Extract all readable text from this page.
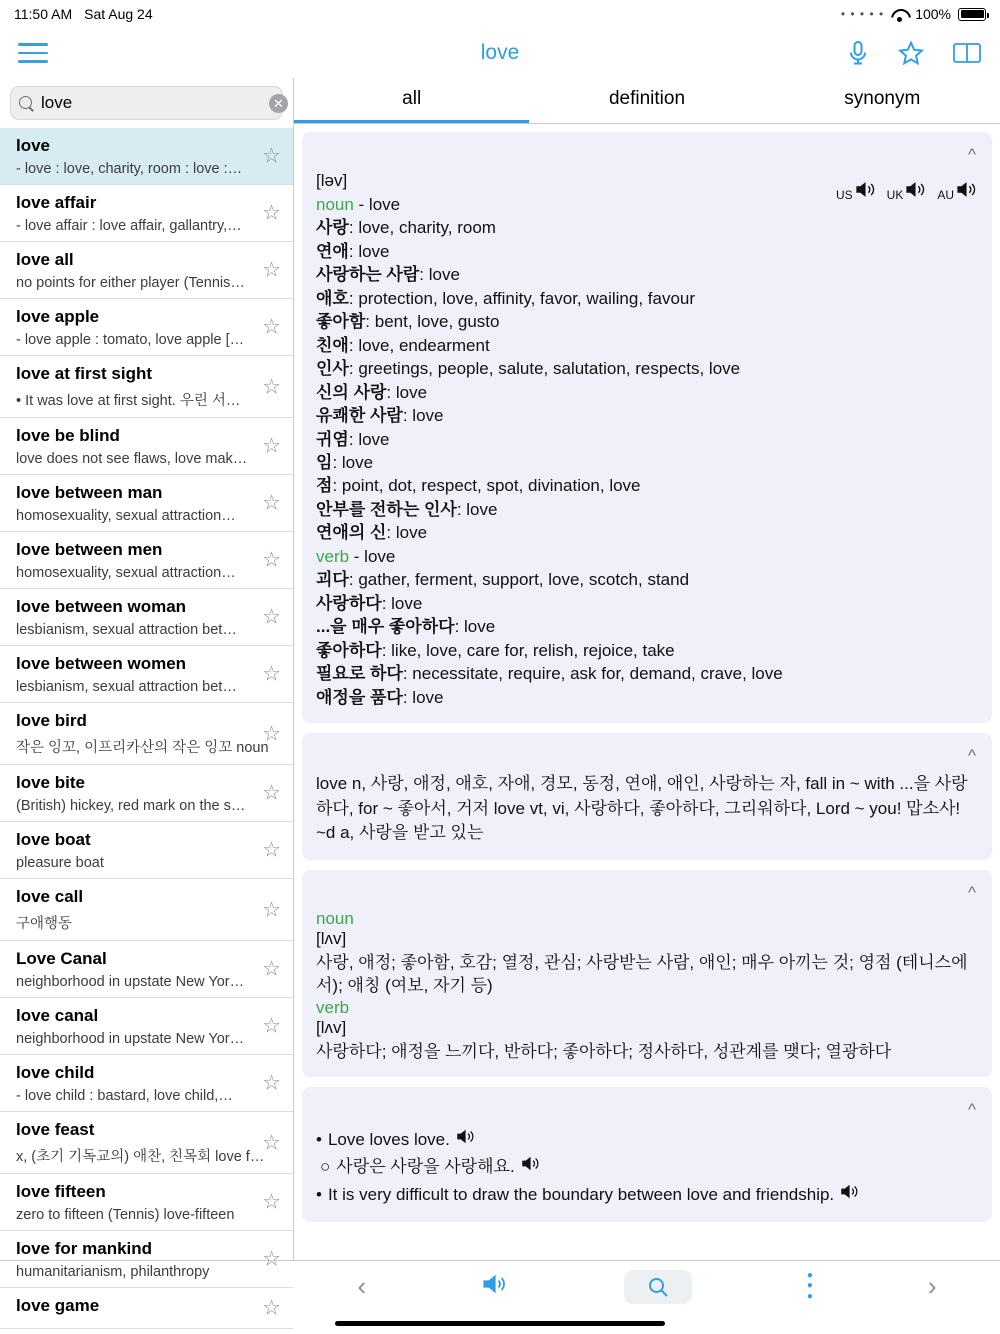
11:50 AM Sat Aug 24	• • • • • 100%
love
love
✕
love
- love : love, charity, room : love :…
☆
love affair
- love affair : love affair, gallantry,…
☆
love all
no points for either player (Tennis…
☆
love apple
- love apple : tomato, love apple […
☆
love at first sight
• It was love at first sight. 우린 서…
☆
love be blind
love does not see flaws, love mak…
☆
love between man
homosexuality, sexual attraction…
☆
love between men
homosexuality, sexual attraction…
☆
love between woman
lesbianism, sexual attraction bet…
☆
love between women
lesbianism, sexual attraction bet…
☆
love bird
작은 잉꼬, 이프리카산의 작은 잉꼬 noun
☆
love bite
(British) hickey, red mark on the s…
☆
love boat
pleasure boat
☆
love call
구애행동
☆
Love Canal
neighborhood in upstate New Yor…
☆
love canal
neighborhood in upstate New Yor…
☆
love child
- love child : bastard, love child,…
☆
love feast
x, (초기 기독교의) 애찬, 친목회 love f…
☆
love fifteen
zero to fifteen (Tennis) love-fifteen
☆
love for mankind
humanitarianism, philanthropy
☆
love game	☆
all	definition	synonym
^
[ləv]
US	UK	AU
noun - love
사랑: love, charity, room
연애: love
사랑하는 사람: love
애호: protection, love, affinity, favor, wailing, favour
좋아함: bent, love, gusto
친애: love, endearment
인사: greetings, people, salute, salutation, respects, love
신의 사랑: love
유쾌한 사람: love
귀염: love
임: love
점: point, dot, respect, spot, divination, love
안부를 전하는 인사: love
연애의 신: love
verb - love
괴다: gather, ferment, support, love, scotch, stand
사랑하다: love
...을 매우 좋아하다: love
좋아하다: like, love, care for, relish, rejoice, take
필요로 하다: necessitate, require, ask for, demand, crave, love
애정을 품다: love
^
love n, 사랑, 애정, 애호, 자애, 경모, 동정, 연애, 애인, 사랑하는 자, fall in ~ with ...을 사랑하다, for ~ 좋아서, 거저 love vt, vi, 사랑하다, 좋아하다, 그리워하다, Lord ~ you! 맙소사! ~d a, 사랑을 받고 있는
^
noun
[lʌv]
사랑, 애정; 좋아함, 호감; 열정, 관심; 사랑받는 사람, 애인; 매우 아끼는 것; 영점 (테니스에서); 애칭 (여보, 자기 등)
verb
[lʌv]
사랑하다; 애정을 느끼다, 반하다; 좋아하다; 정사하다, 성관계를 맺다; 열광하다
^
• Love loves love.
○ 사랑은 사랑을 사랑해요.
• It is very difficult to draw the boundary between love and friendship.
‹	●
●
●	›
